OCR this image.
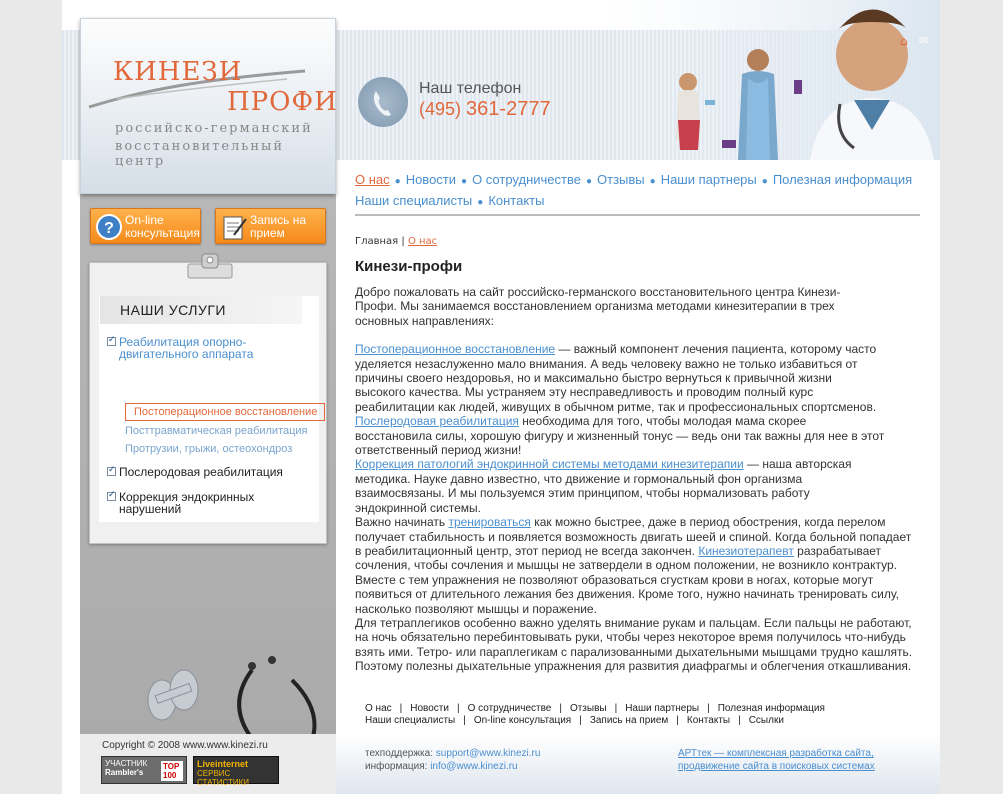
КИНЕЗИ
ПРОФИ
российско-германский
восстановительный центр
Наш телефон
(495) 361-2777
⌂	✉
? On-line консультация
Запись на прием
НАШИ УСЛУГИ
✓
Реабилитация опорно-двигательного аппарата
Постоперационное восстановление
Посттравматическая реабилитация
Протрузии, грыжи, остеохондроз
✓
Послеродовая реабилитация
✓
Коррекция эндокринных нарушений
О нас ● Новости ● О сотрудничестве ● Отзывы ● Наши партнеры ● Полезная информация
Наши специалисты ● Контакты
Главная | О нас
Кинези-профи

Добро пожаловать на сайт российско-германского восстановительного центра Кинези-Профи. Мы занимаемся восстановлением организма методами кинезитерапии в трех основных направлениях:

Постоперационное восстановление — важный компонент лечения пациента, которому часто уделяется незаслуженно мало внимания. А ведь человеку важно не только избавиться от причины своего нездоровья, но и максимально быстро вернуться к привычной жизни высокого качества. Мы устраняем эту несправедливость и проводим полный курс реабилитации как людей, живущих в обычном ритме, так и профессиональных спортсменов.

Послеродовая реабилитация необходима для того, чтобы молодая мама скорее восстановила силы, хорошую фигуру и жизненный тонус — ведь они так важны для нее в этот ответственный период жизни!

Коррекция патологий эндокринной системы методами кинезитерапии — наша авторская методика. Науке давно известно, что движение и гормональный фон организма взаимосвязаны. И мы пользуемся этим принципом, чтобы нормализовать работу эндокринной системы.

Важно начинать тренироваться как можно быстрее, даже в период обострения, когда перелом получает стабильность и появляется возможность двигать шеей и спиной. Когда больной попадает в реабилитационный центр, этот период не всегда закончен. Кинезиотерапевт разрабатывает сочления, чтобы сочления и мышцы не затвердели в одном положении, не возникло контрактур. Вместе с тем упражнения не позволяют образоваться сгусткам крови в ногах, которые могут появиться от длительного лежания без движения. Кроме того, нужно начинать тренировать силу, насколько позволяют мышцы и поражение.

Для тетраплегиков особенно важно уделять внимание рукам и пальцам. Если пальцы не работают, на ночь обязательно перебинтовывать руки, чтобы через некоторое время получилось что-нибудь взять ими. Тетро- или параплегикам с парализованными дыхательными мышцами трудно кашлять. Поэтому полезны дыхательные упражнения для развития диафрагмы и облегчения откашливания.

О нас | Новости | О сотрудничестве | Отзывы | Наши партнеры | Полезная информация
Наши специалисты | On-line консультация | Запись на прием | Контакты | Ссылки
Copyright © 2008 www.www.kinezi.ru
УЧАСТНИК
Rambler's
TOP 100
Liveinternet
СЕРВИС СТАТИСТИКИ
техподдержка: support@www.kinezi.ru
информация: info@www.kinezi.ru
АРТтек — комплексная разработка сайта,
продвижение сайта в поисковых системах
